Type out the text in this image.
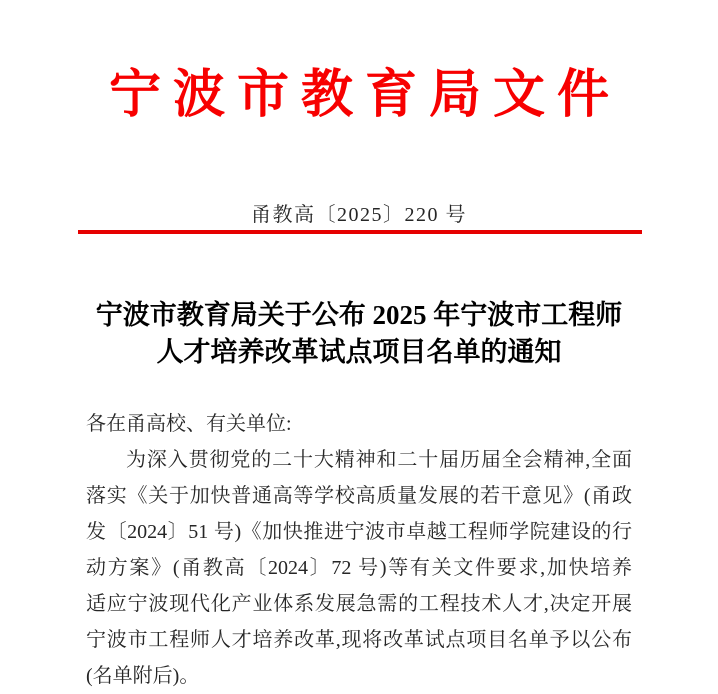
宁波市教育局文件
甬教高〔2025〕220 号
宁波市教育局关于公布 2025 年宁波市工程师
人才培养改革试点项目名单的通知
各在甬高校、有关单位:
为深入贯彻党的二十大精神和二十届历届全会精神,全面
落实《关于加快普通高等学校高质量发展的若干意见》(甬政
发〔2024〕51 号)《加快推进宁波市卓越工程师学院建设的行
动方案》(甬教高〔2024〕72 号)等有关文件要求,加快培养
适应宁波现代化产业体系发展急需的工程技术人才,决定开展
宁波市工程师人才培养改革,现将改革试点项目名单予以公布
(名单附后)。
